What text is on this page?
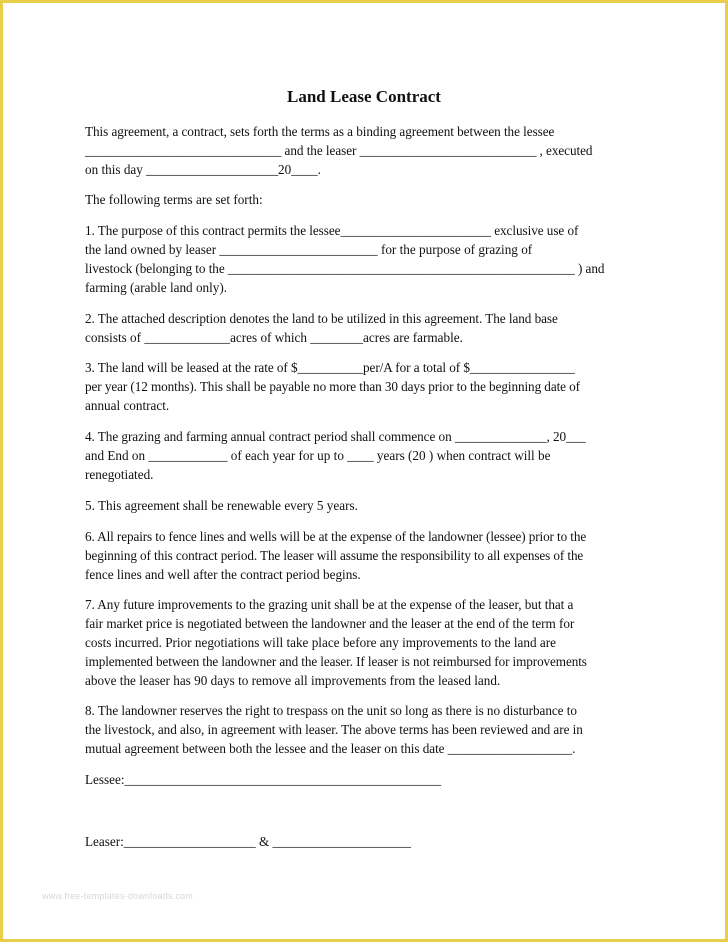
Land Lease Contract
This agreement, a contract, sets forth the terms as a binding agreement between the lessee
______________________________ and the leaser ___________________________ , executed
on this day ____________________20____.
The following terms are set forth:
1. The purpose of this contract permits the lessee_______________________ exclusive use of
the land owned by leaser ________________________ for the purpose of grazing of
livestock (belonging to the _____________________________________________________ ) and
farming (arable land only).
2. The attached description denotes the land to be utilized in this agreement. The land base
consists of _____________acres of which ________acres are farmable.
3. The land will be leased at the rate of $__________per/A for a total of $________________
per year (12 months). This shall be payable no more than 30 days prior to the beginning date of
annual contract.
4. The grazing and farming annual contract period shall commence on ______________, 20___
and End on ____________ of each year for up to ____ years (20 ) when contract will be
renegotiated.
5. This agreement shall be renewable every 5 years.
6. All repairs to fence lines and wells will be at the expense of the landowner (lessee) prior to the
beginning of this contract period. The leaser will assume the responsibility to all expenses of the
fence lines and well after the contract period begins.
7. Any future improvements to the grazing unit shall be at the expense of the leaser, but that a
fair market price is negotiated between the landowner and the leaser at the end of the term for
costs incurred. Prior negotiations will take place before any improvements to the land are
implemented between the landowner and the leaser. If leaser is not reimbursed for improvements
above the leaser has 90 days to remove all improvements from the leased land.
8. The landowner reserves the right to trespass on the unit so long as there is no disturbance to
the livestock, and also, in agreement with leaser. The above terms has been reviewed and are in
mutual agreement between both the lessee and the leaser on this date ___________________.
Lessee:________________________________________________
Leaser:____________________ & _____________________
www.free-templates-downloads.com
